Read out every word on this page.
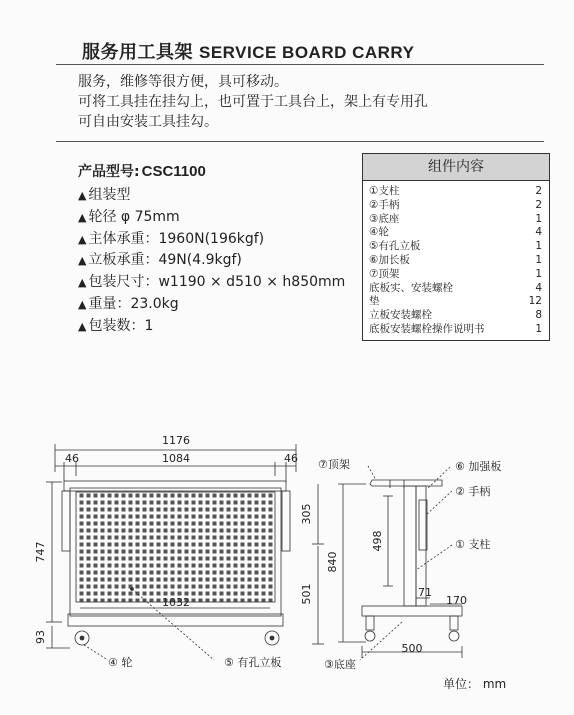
服务用工具架 SERVICE BOARD CARRY
服务，维修等很方便，具可移动。
可将工具挂在挂勾上，也可置于工具台上，架上有专用孔
可自由安装工具挂勾。
产品型号: CSC1100
▲ 组装型
▲ 轮径 φ 75mm
▲ 主体承重：1960N(196kgf)
▲ 立板承重：49N(4.9kgf)
▲ 包装尺寸：w1190 × d510 × h850mm
▲ 重量：23.0kg
▲ 包装数：1
组件内容
①支柱	2
②手柄	2
③底座	1
④轮	4
⑤有孔立板	1
⑥加长板	1
⑦顶架	1
底板实、安装螺栓	4
垫	12
立板安装螺栓	8
底板安装螺栓操作说明书	1
1176
46	46
1084
747
93
1032
④ 轮	⑤ 有孔立板
305
501
840
498
71
170
500
⑦顶架	⑥ 加强板
② 手柄
① 支柱
③底座
单位： mm
